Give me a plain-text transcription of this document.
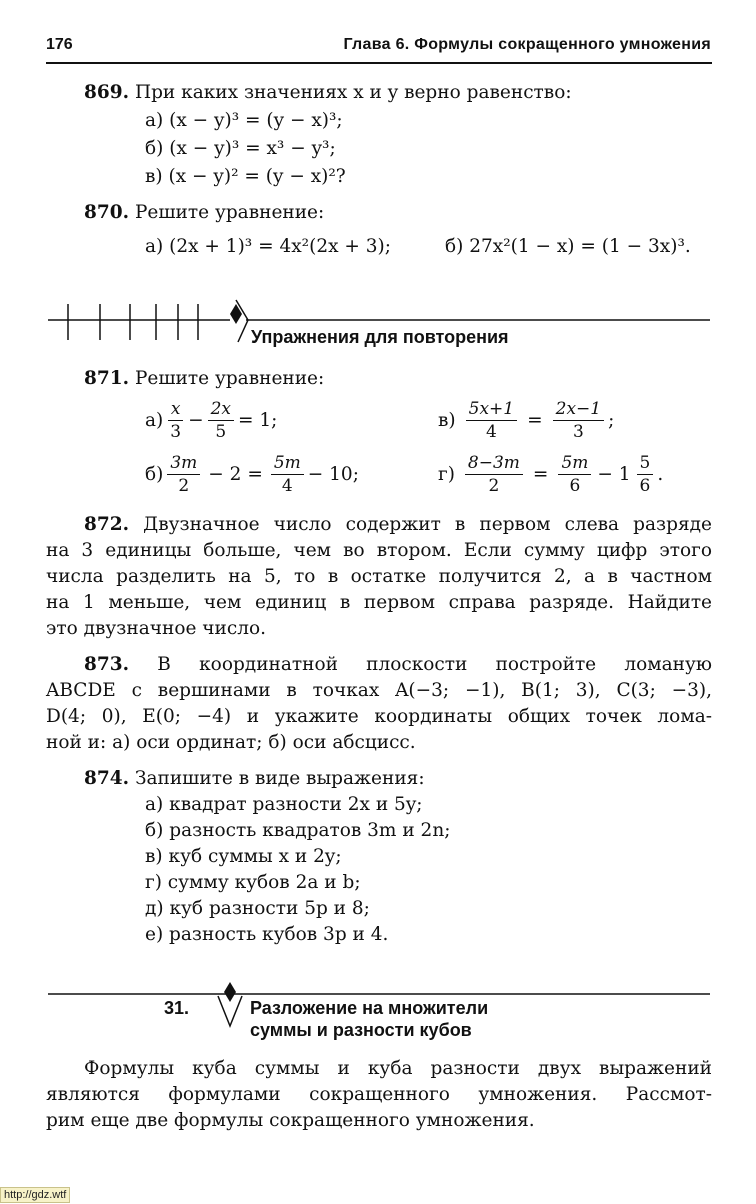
176	Глава 6. Формулы сокращенного умножения
869. При каких значениях x и y верно равенство:
а) (x − y)³ = (y − x)³;
б) (x − y)³ = x³ − y³;
в) (x − y)² = (y − x)²?
870. Решите уравнение:
а) (2x + 1)³ = 4x²(2x + 3);	б) 27x²(1 − x) = (1 − 3x)³.
Упражнения для повторения
871. Решите уравнение:
$а) \frac{x}{3} - \frac{2x}{5} = 1$;	$в) \frac{5x+1}{4} = \frac{2x-1}{3}$ ;
$б) \frac{3m}{2} - 2 = \frac{5m}{4} - 10$;	$г) \frac{8-3m}{2} = \frac{5m}{6} - 1 \frac{5}{6}$ .
872. Двузначное число содержит в первом слева разряде
на 3 единицы больше, чем во втором. Если сумму цифр этого
числа разделить на 5, то в остатке получится 2, а в частном
на 1 меньше, чем единиц в первом справа разряде. Найдите
это двузначное число.
873. В координатной плоскости постройте ломаную
ABCDE с вершинами в точках A(−3; −1), B(1; 3), C(3; −3),
D(4; 0), E(0; −4) и укажите координаты общих точек лома-
ной и: а) оси ординат; б) оси абсцисс.
874. Запишите в виде выражения:
а) квадрат разности 2x и 5y;
б) разность квадратов 3m и 2n;
в) куб суммы x и 2y;
г) сумму кубов 2a и b;
д) куб разности 5p и 8;
е) разность кубов 3p и 4.
31.	Разложение на множители
суммы и разности кубов
Формулы куба суммы и куба разности двух выражений
являются формулами сокращенного умножения. Рассмот-
рим еще две формулы сокращенного умножения.
http://gdz.wtf
